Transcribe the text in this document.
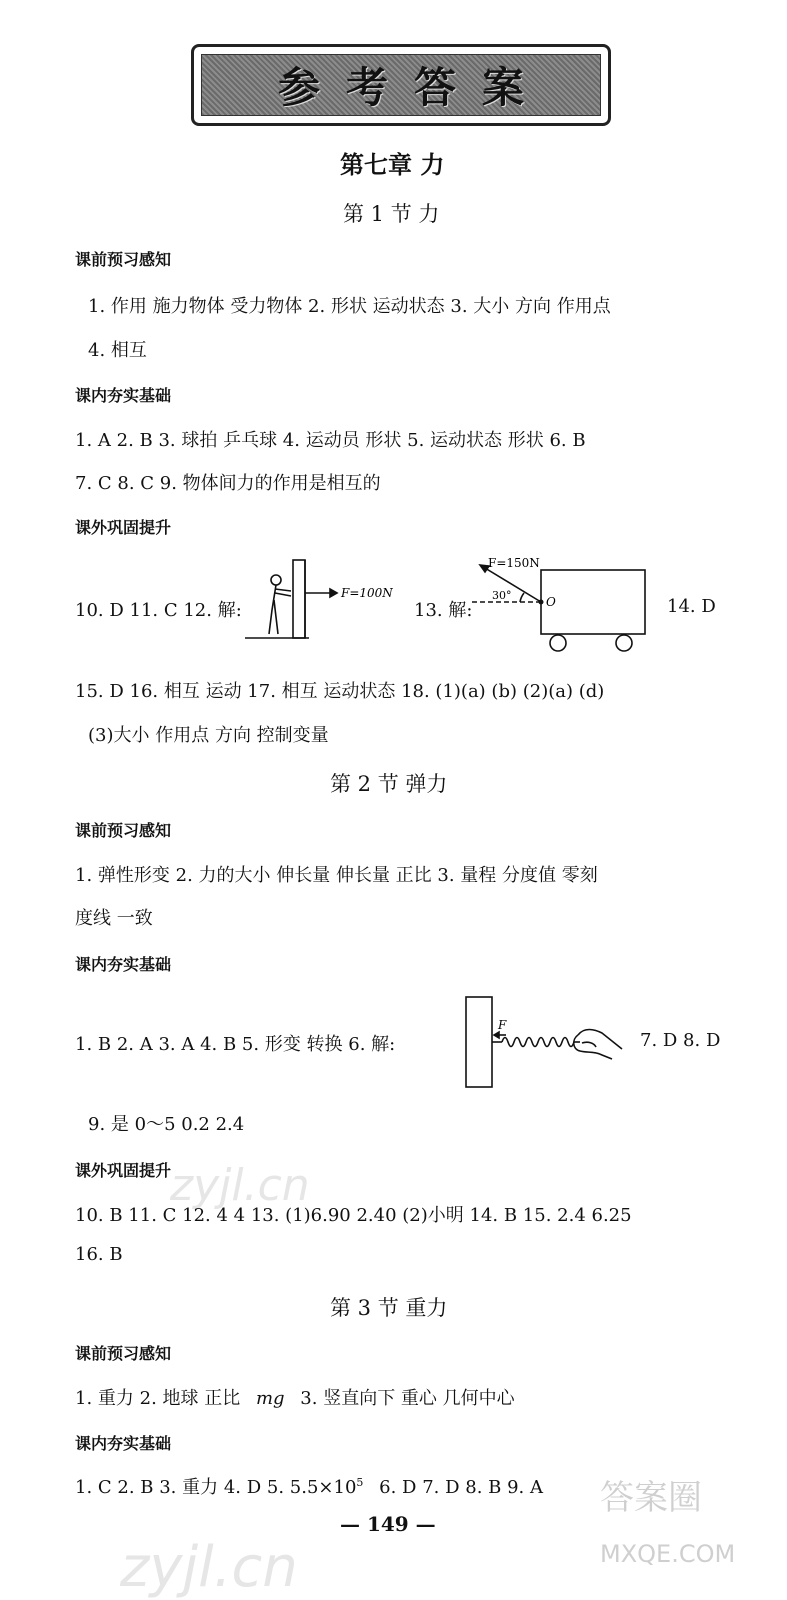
zyjl.cn
zyjl.cn
答案圈
MXQE.COM
参考答案
第七章 力
第 1 节 力
课前预习感知
1. 作用 施力物体 受力物体 2. 形状 运动状态 3. 大小 方向 作用点
4. 相互
课内夯实基础
1. A 2. B 3. 球拍 乒乓球 4. 运动员 形状 5. 运动状态 形状 6. B
7. C 8. C 9. 物体间力的作用是相互的
课外巩固提升
10. D 11. C 12. 解:
F=100N
13. 解:
F=150N
30°	O	14. D
15. D 16. 相互 运动 17. 相互 运动状态 18. (1)(a) (b) (2)(a) (d)
(3)大小 作用点 方向 控制变量
第 2 节 弹力
课前预习感知
1. 弹性形变 2. 力的大小 伸长量 伸长量 正比 3. 量程 分度值 零刻
度线 一致
课内夯实基础
1. B 2. A 3. A 4. B 5. 形变 转换 6. 解:
F
7. D 8. D
9. 是 0～5 0.2 2.4
课外巩固提升
10. B 11. C 12. 4 4 13. (1)6.90 2.40 (2)小明 14. B 15. 2.4 6.25
16. B
第 3 节 重力
课前预习感知
1. 重力 2. 地球 正比 mg 3. 竖直向下 重心 几何中心
课内夯实基础
1. C 2. B 3. 重力 4. D 5. $5.5\times 10^5$ 6. D 7. D 8. B 9. A
— 149 —
